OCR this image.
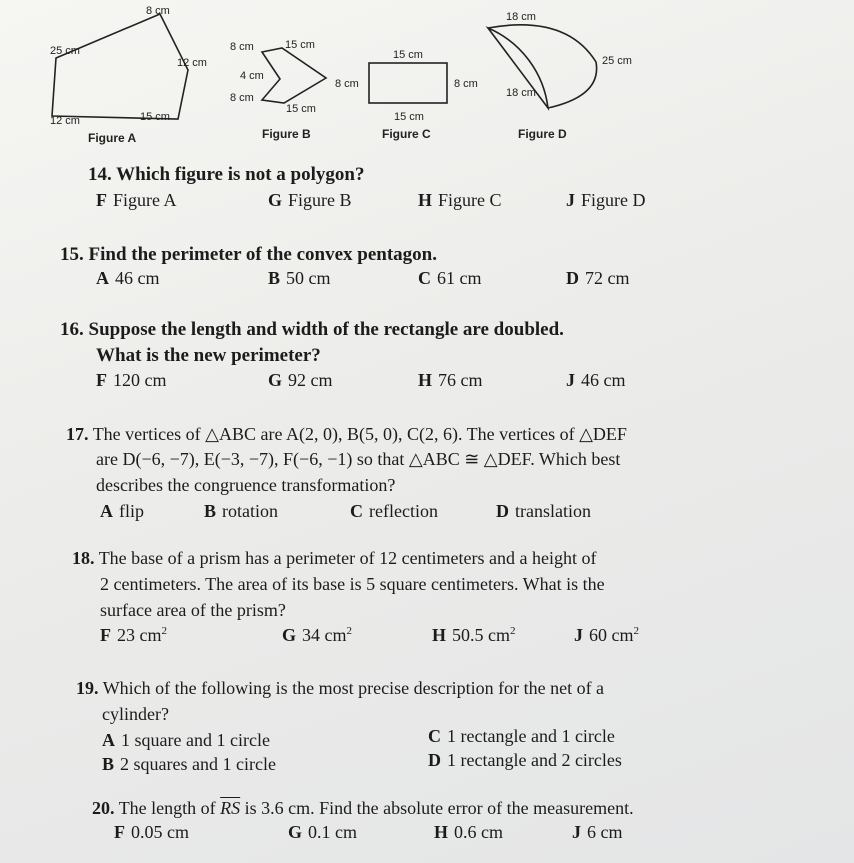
8 cm
25 cm
12 cm
12 cm	15 cm
Figure A
8 cm	15 cm
4 cm
8 cm
15 cm
Figure B
15 cm
8 cm	8 cm
15 cm
Figure C
18 cm
25 cm
18 cm
Figure D
14. Which figure is not a polygon?
F Figure A	G Figure B	H Figure C	J Figure D
15. Find the perimeter of the convex pentagon.
A 46 cm	B 50 cm	C 61 cm	D 72 cm
16. Suppose the length and width of the rectangle are doubled.
What is the new perimeter?
F 120 cm	G 92 cm	H 76 cm	J 46 cm
17. The vertices of △ABC are A(2, 0), B(5, 0), C(2, 6). The vertices of △DEF
are D(−6, −7), E(−3, −7), F(−6, −1) so that △ABC ≅ △DEF. Which best
describes the congruence transformation?
A flip	B rotation	C reflection	D translation
18. The base of a prism has a perimeter of 12 centimeters and a height of
2 centimeters. The area of its base is 5 square centimeters. What is the
surface area of the prism?
F 23 $cm^2$	G 34 $cm^2$	H 50.5 $cm^2$	J 60 $cm^2$
19. Which of the following is the most precise description for the net of a
cylinder?
A 1 square and 1 circle
B 2 squares and 1 circle
C 1 rectangle and 1 circle
D 1 rectangle and 2 circles
20. The length of $\overline{RS}$ is 3.6 cm. Find the absolute error of the measurement.
F 0.05 cm	G 0.1 cm	H 0.6 cm	J 6 cm
